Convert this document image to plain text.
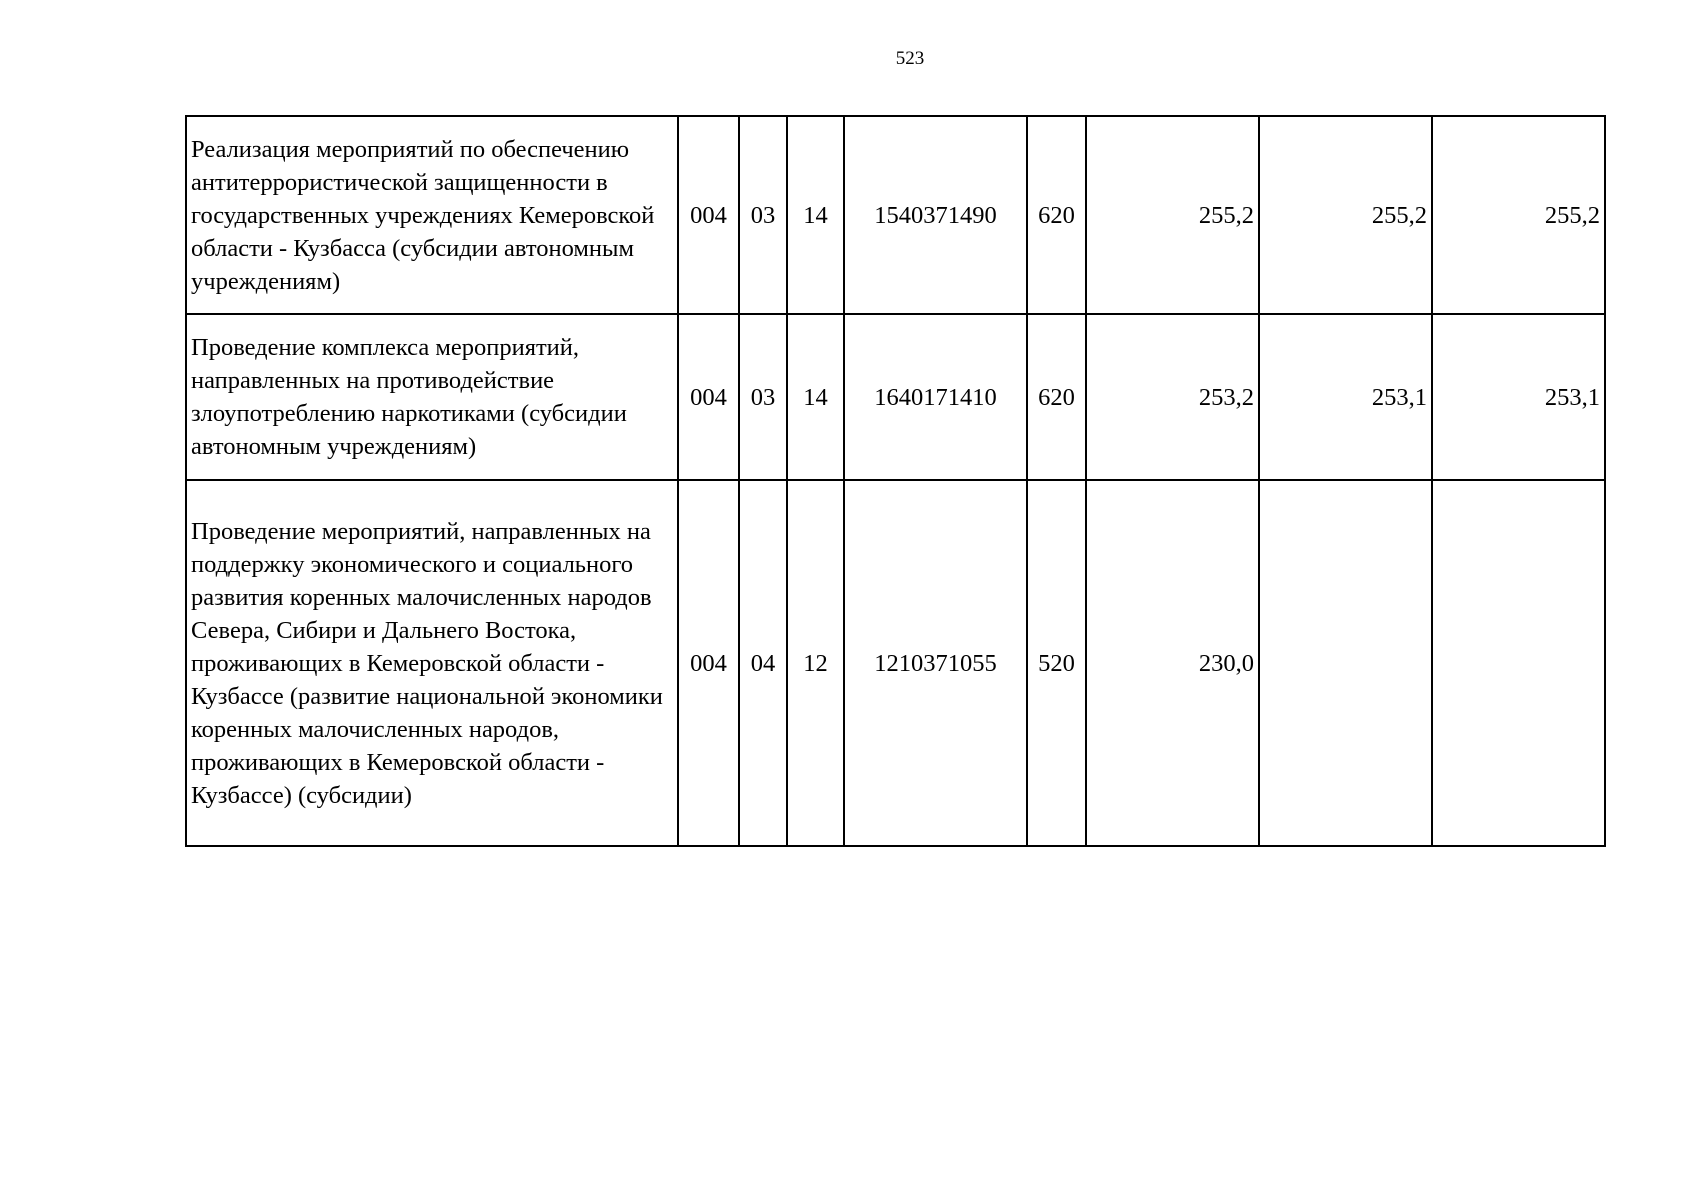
523
Реализация мероприятий по обеспечению антитеррористической защищенности в государственных учреждениях Кемеровской области - Кузбасса (субсидии автономным учреждениям)	004	03	14	1540371490	620	255,2	255,2	255,2
Проведение комплекса мероприятий, направленных на противодействие злоупотреблению наркотиками (субсидии автономным учреждениям)	004	03	14	1640171410	620	253,2	253,1	253,1
Проведение мероприятий, направленных на поддержку экономического и социального развития коренных малочисленных народов Севера, Сибири и Дальнего Востока, проживающих в Кемеровской области - Кузбассе (развитие национальной экономики коренных малочисленных народов, проживающих в Кемеровской области - Кузбассе) (субсидии)	004	04	12	1210371055	520	230,0		
